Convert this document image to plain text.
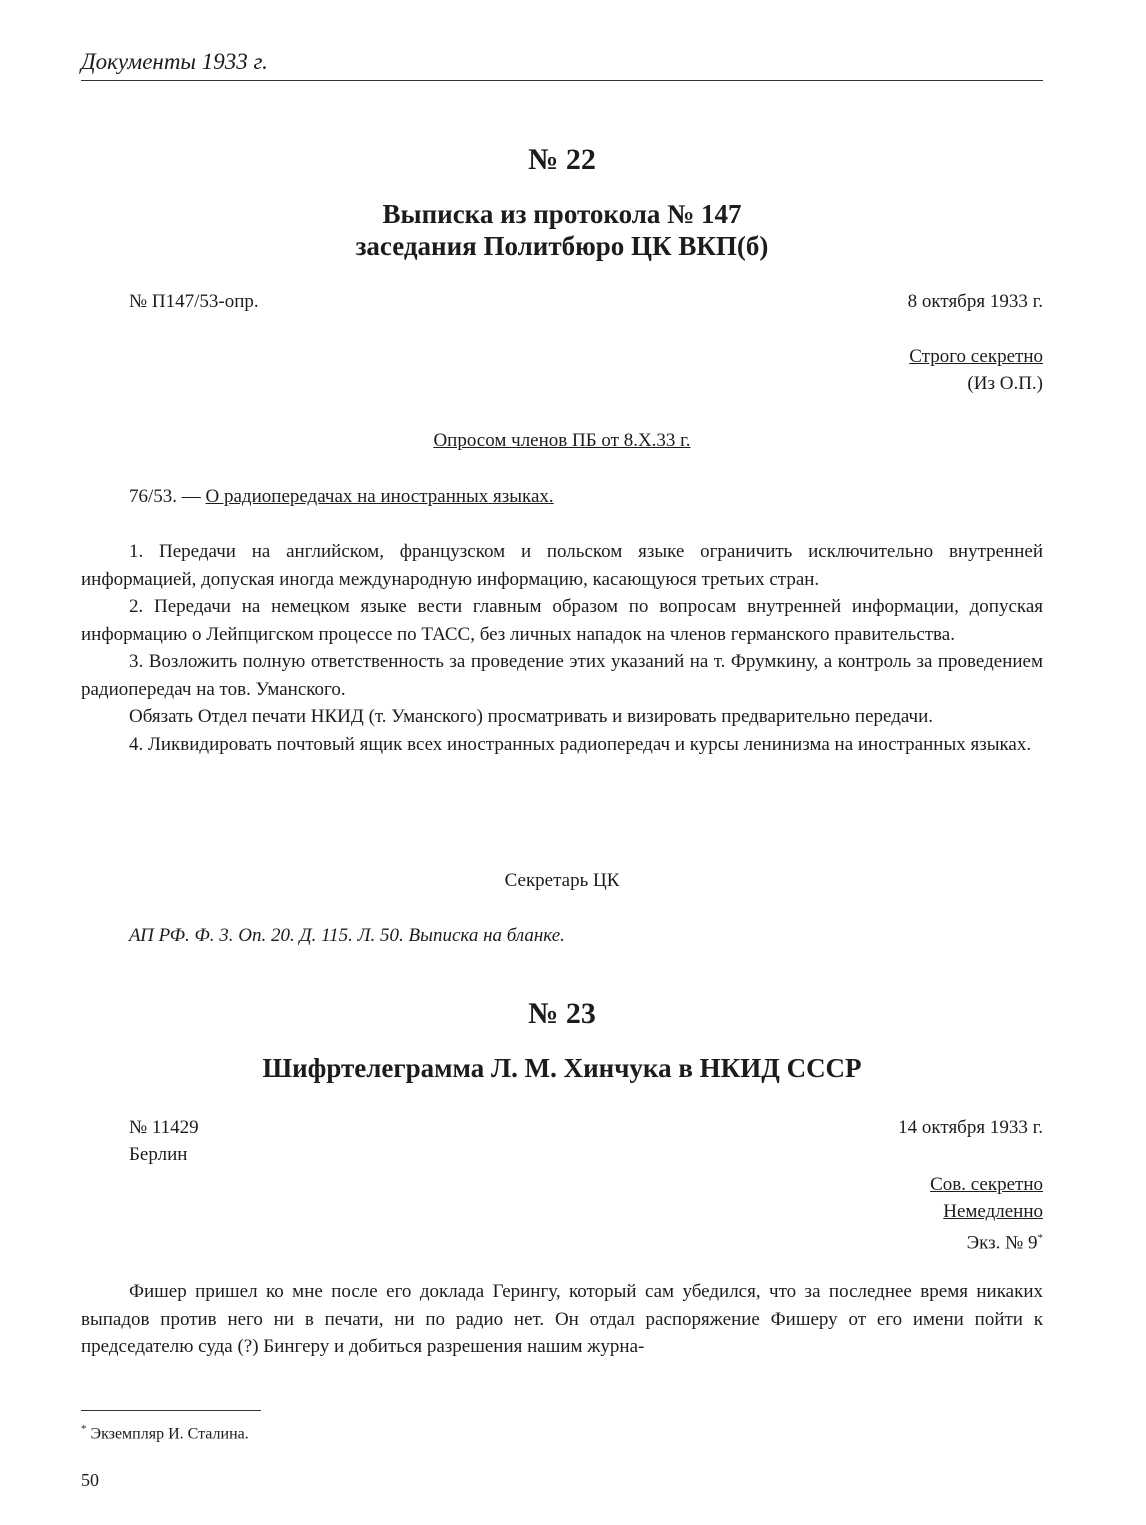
Документы 1933 г.
№ 22
Выписка из протокола № 147
заседания Политбюро ЦК ВКП(б)
№ П147/53-опр.	8 октября 1933 г.
Строго секретно
(Из О.П.)
Опросом членов ПБ от 8.X.33 г.
76/53. — О радиопередачах на иностранных языках.

1. Передачи на английском, французском и польском языке ограничить исключительно внутренней информацией, допуская иногда международную информацию, касающуюся третьих стран.

2. Передачи на немецком языке вести главным образом по вопросам внутренней информации, допуская информацию о Лейпцигском процессе по ТАСС, без личных нападок на членов германского правительства.

3. Возложить полную ответственность за проведение этих указаний на т. Фрумкину, а контроль за проведением радиопередач на тов. Уманского.

Обязать Отдел печати НКИД (т. Уманского) просматривать и визировать предварительно передачи.

4. Ликвидировать почтовый ящик всех иностранных радиопередач и курсы ленинизма на иностранных языках.

Секретарь ЦК
АП РФ. Ф. 3. Оп. 20. Д. 115. Л. 50. Выписка на бланке.
№ 23
Шифртелеграмма Л. М. Хинчука в НКИД СССР
№ 11429	14 октября 1933 г.
Берлин
Сов. секретно
Немедленно
Экз. № 9*

Фишер пришел ко мне после его доклада Герингу, который сам убедился, что за последнее время никаких выпадов против него ни в печати, ни по радио нет. Он отдал распоряжение Фишеру от его имени пойти к председателю суда (?) Бингеру и добиться разрешения нашим журна-

* Экземпляр И. Сталина.
50
